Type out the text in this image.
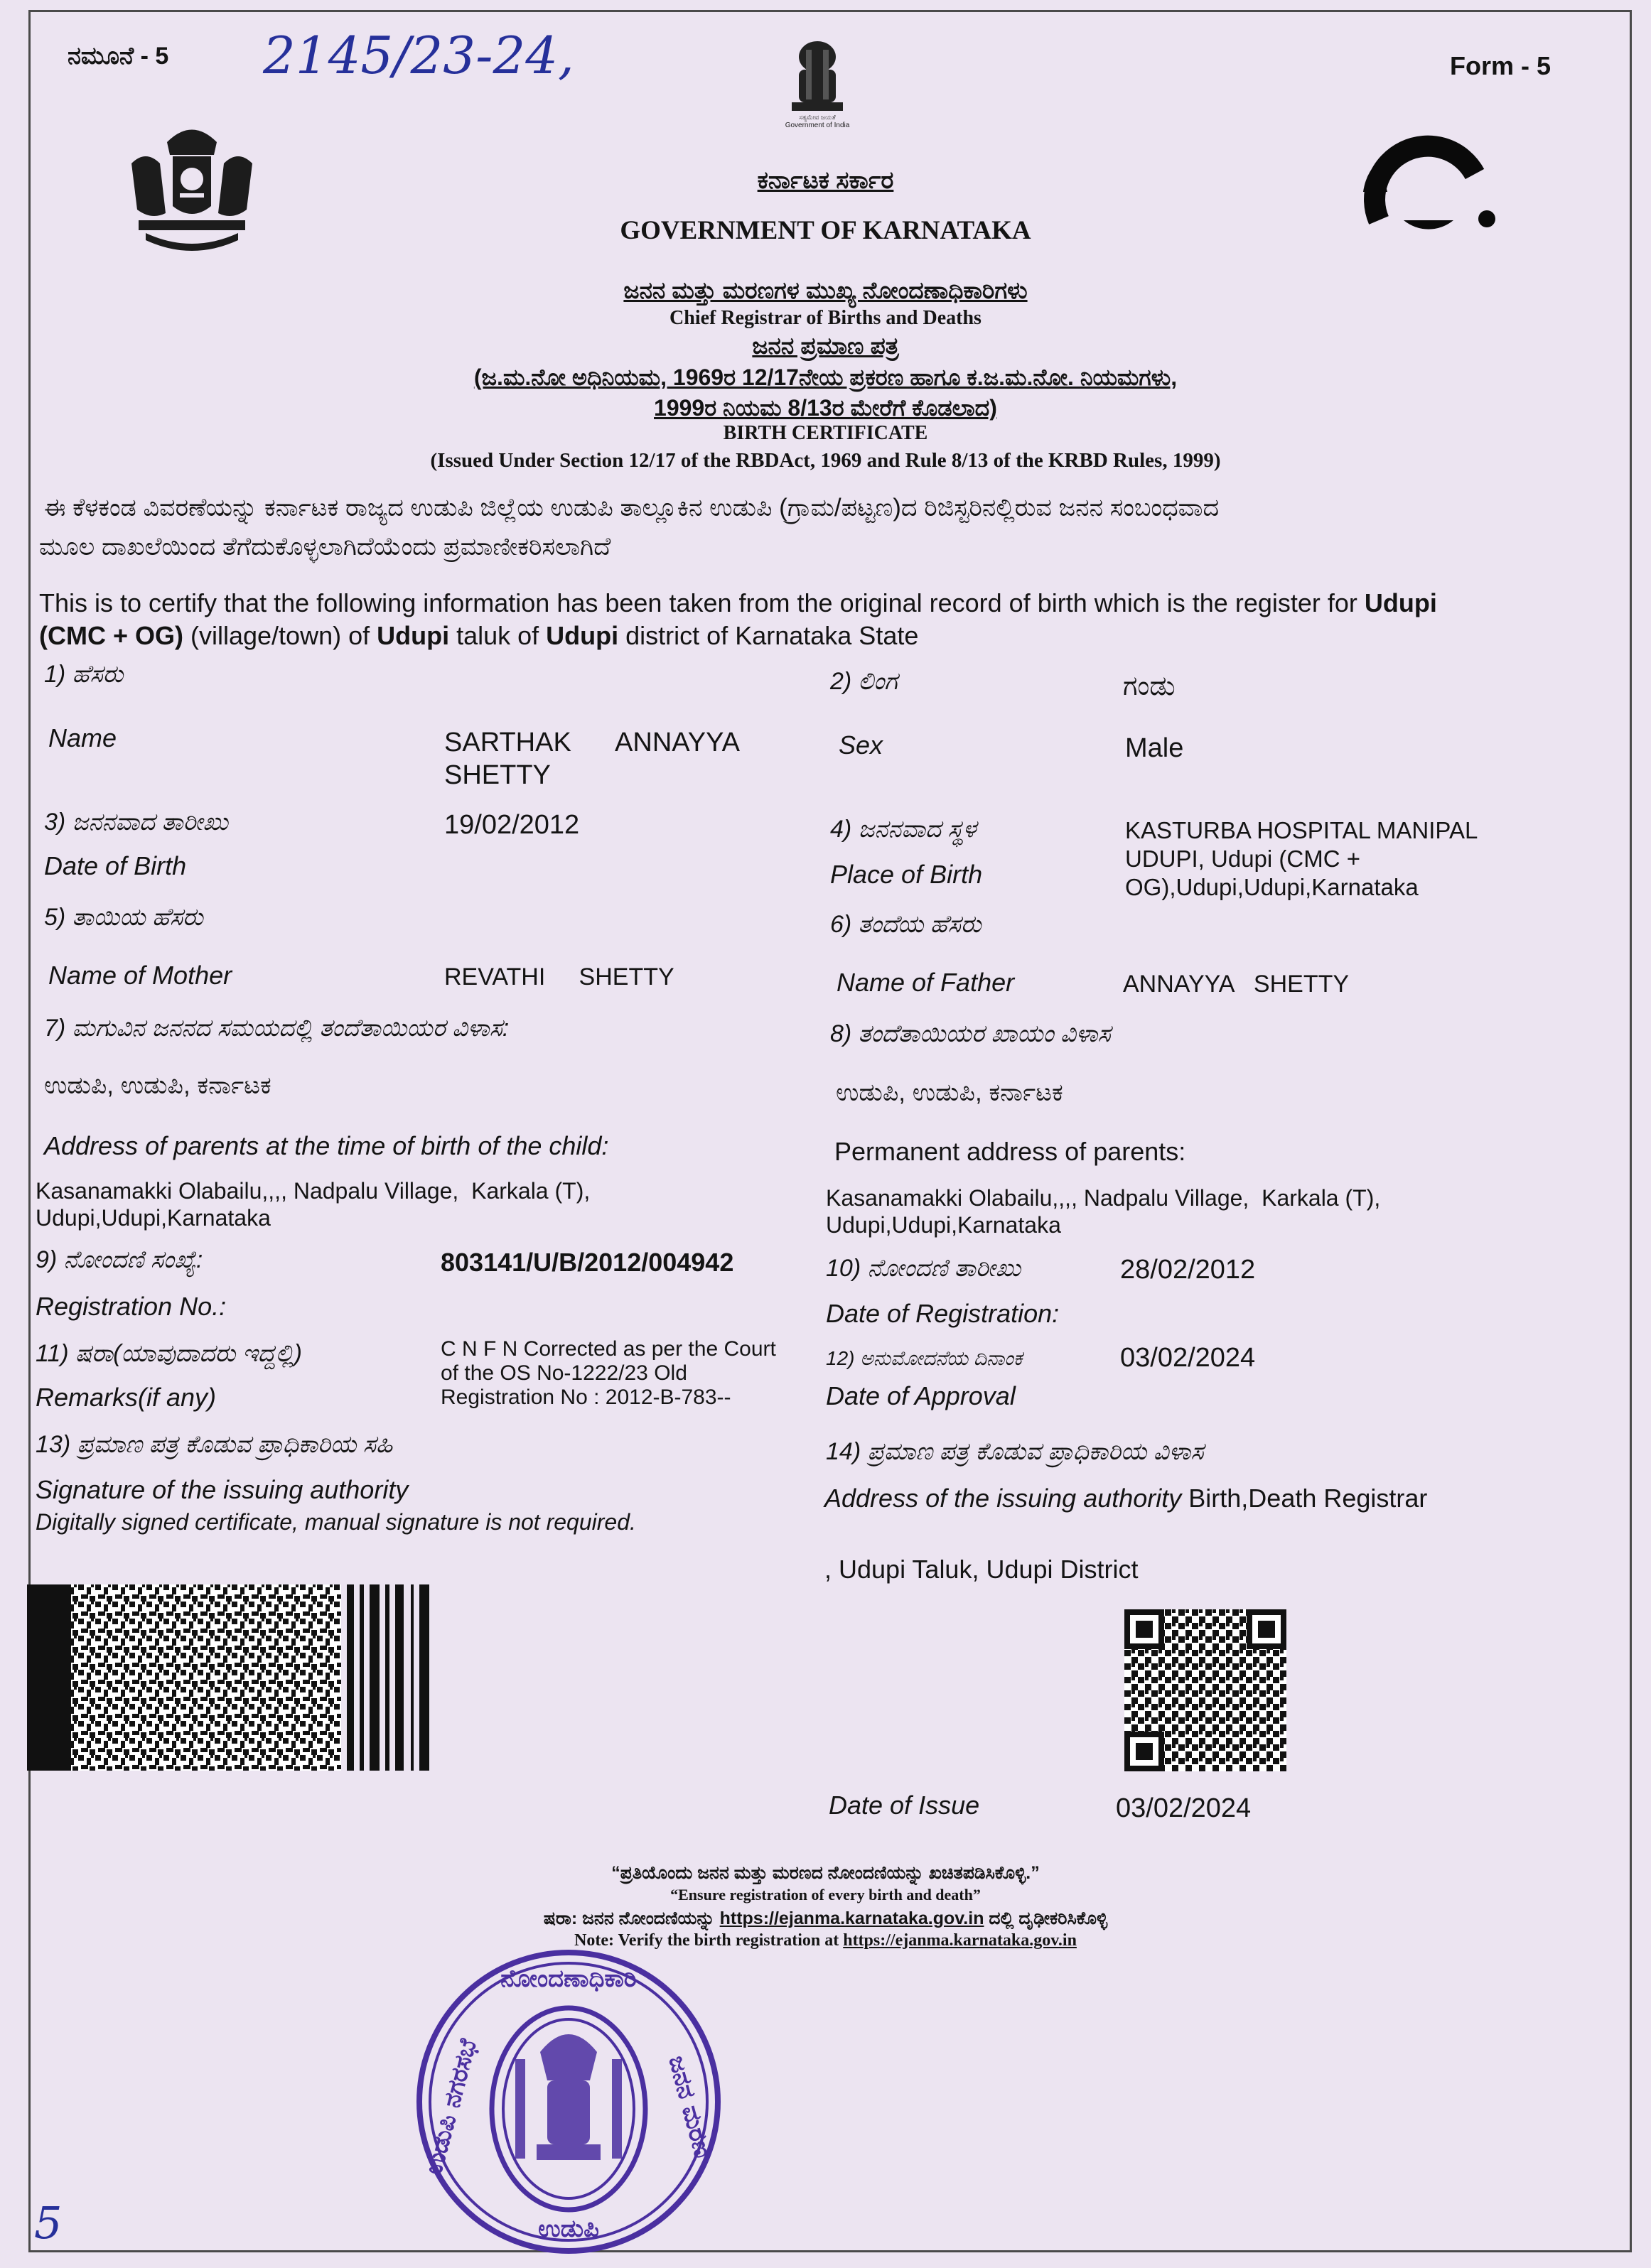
ನಮೂನೆ - 5 2145/23-24,	Form - 5
ಸತ್ಯಮೇವ ಜಯತೆ
Government of India
ಕರ್ನಾಟಕ ಸರ್ಕಾರ
GOVERNMENT OF KARNATAKA
ಜನನ ಮತ್ತು ಮರಣಗಳ ಮುಖ್ಯ ನೋಂದಣಾಧಿಕಾರಿಗಳು
Chief Registrar of Births and Deaths
ಜನನ ಪ್ರಮಾಣ ಪತ್ರ
(ಜ.ಮ.ನೋ ಅಧಿನಿಯಮ, 1969ರ 12/17ನೇಯ ಪ್ರಕರಣ ಹಾಗೂ ಕ.ಜ.ಮ.ನೋ. ನಿಯಮಗಳು,
1999ರ ನಿಯಮ 8/13ರ ಮೇರೆಗೆ ಕೊಡಲಾದ)
BIRTH CERTIFICATE
(Issued Under Section 12/17 of the RBDAct, 1969 and Rule 8/13 of the KRBD Rules, 1999)
ಈ ಕೆಳಕಂಡ ವಿವರಣೆಯನ್ನು ಕರ್ನಾಟಕ ರಾಜ್ಯದ ಉಡುಪಿ ಜಿಲ್ಲೆಯ ಉಡುಪಿ ತಾಲ್ಲೂಕಿನ ಉಡುಪಿ (ಗ್ರಾಮ/ಪಟ್ಟಣ)ದ ರಿಜಿಸ್ಟರಿನಲ್ಲಿರುವ ಜನನ ಸಂಬಂಧವಾದ
ಮೂಲ ದಾಖಲೆಯಿಂದ ತೆಗೆದುಕೊಳ್ಳಲಾಗಿದೆಯೆಂದು ಪ್ರಮಾಣೀಕರಿಸಲಾಗಿದೆ
This is to certify that the following information has been taken from the original record of birth which is the register for Udupi
(CMC + OG) (village/town) of Udupi taluk of Udupi district of Karnataka State
1) ಹೆಸರು
Name	SARTHAK      ANNAYYA
SHETTY
2) ಲಿಂಗ	ಗಂಡು
Sex	Male
3) ಜನನವಾದ ತಾರೀಖು	19/02/2012
Date of Birth
4) ಜನನವಾದ ಸ್ಥಳ
Place of Birth
KASTURBA HOSPITAL MANIPAL
UDUPI, Udupi (CMC +
OG),Udupi,Udupi,Karnataka
5) ತಾಯಿಯ ಹೆಸರು
Name of Mother	REVATHI     SHETTY
6) ತಂದೆಯ ಹೆಸರು
Name of Father	ANNAYYA   SHETTY
7) ಮಗುವಿನ ಜನನದ ಸಮಯದಲ್ಲಿ ತಂದೆತಾಯಿಯರ ವಿಳಾಸ:
ಉಡುಪಿ, ಉಡುಪಿ, ಕರ್ನಾಟಕ
Address of parents at the time of birth of the child:
Kasanamakki Olabailu,,,, Nadpalu Village,  Karkala (T),
Udupi,Udupi,Karnataka
8) ತಂದೆತಾಯಿಯರ ಖಾಯಂ ವಿಳಾಸ
ಉಡುಪಿ, ಉಡುಪಿ, ಕರ್ನಾಟಕ
Permanent address of parents:
Kasanamakki Olabailu,,,, Nadpalu Village,  Karkala (T),
Udupi,Udupi,Karnataka
9) ನೋಂದಣಿ ಸಂಖ್ಯೆ:	803141/U/B/2012/004942
Registration No.:
10) ನೋಂದಣಿ ತಾರೀಖು	28/02/2012
Date of Registration:
11) ಷರಾ(ಯಾವುದಾದರು ಇದ್ದಲ್ಲಿ)
Remarks(if any)
C N F N Corrected as per the Court
of the OS No-1222/23 Old
Registration No : 2012-B-783--
12) ಅನುಮೋದನೆಯ ದಿನಾಂಕ	03/02/2024
Date of Approval
13) ಪ್ರಮಾಣ ಪತ್ರ ಕೊಡುವ ಪ್ರಾಧಿಕಾರಿಯ ಸಹಿ
Signature of the issuing authority
Digitally signed certificate, manual signature is not required.
14) ಪ್ರಮಾಣ ಪತ್ರ ಕೊಡುವ ಪ್ರಾಧಿಕಾರಿಯ ವಿಳಾಸ
Address of the issuing authority Birth,Death Registrar
, Udupi Taluk, Udupi District
Date of Issue	03/02/2024
“ಪ್ರತಿಯೊಂದು ಜನನ ಮತ್ತು ಮರಣದ ನೋಂದಣಿಯನ್ನು ಖಚಿತಪಡಿಸಿಕೊಳ್ಳಿ.”
“Ensure registration of every birth and death”
ಷರಾ: ಜನನ ನೋಂದಣಿಯನ್ನು https://ejanma.karnataka.gov.in ದಲ್ಲಿ ದೃಢೀಕರಿಸಿಕೊಳ್ಳಿ
Note: Verify the birth registration at https://ejanma.karnataka.gov.in
ನೋಂದಣಾಧಿಕಾರಿ
ಉಡುಪಿ
ಉಡುಪಿ ನಗರಸಭೆ	ಜನನ ಮರಣ
5
